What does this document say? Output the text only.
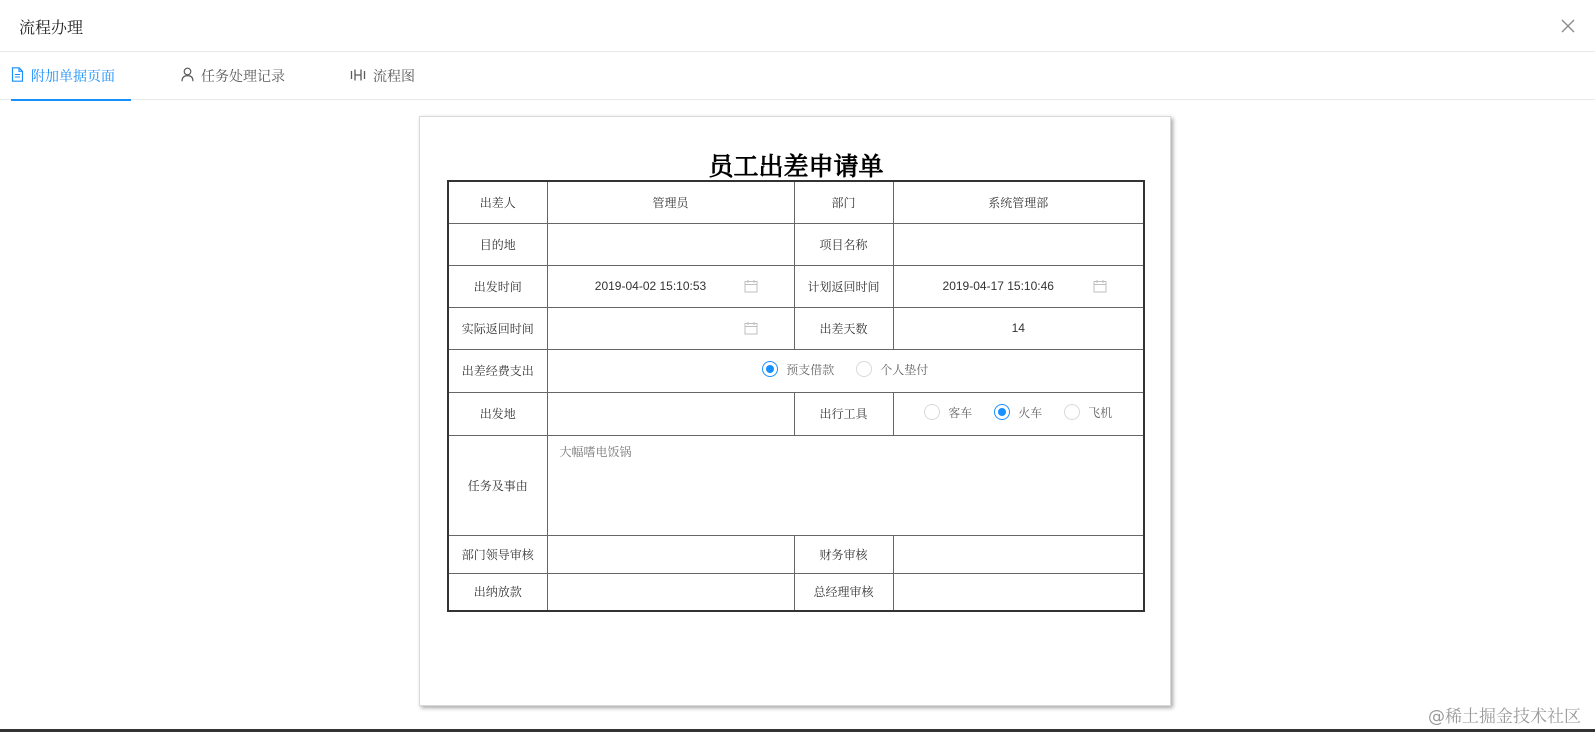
流程办理
附加单据页面	任务处理记录	流程图
员工出差申请单
出差人	管理员	部门	系统管理部
目的地		项目名称	
出发时间	2019-04-02 15:10:53	计划返回时间	2019-04-17 15:10:46

实际返回时间		出差天数	14
出差经费支出	预支借款 个人垫付		

出发地		出行工具	客车 火车 飞机

任务及事由	大幅嗜电饭锅		
部门领导审核		财务审核	
出纳放款		总经理审核	
@稀土掘金技术社区
